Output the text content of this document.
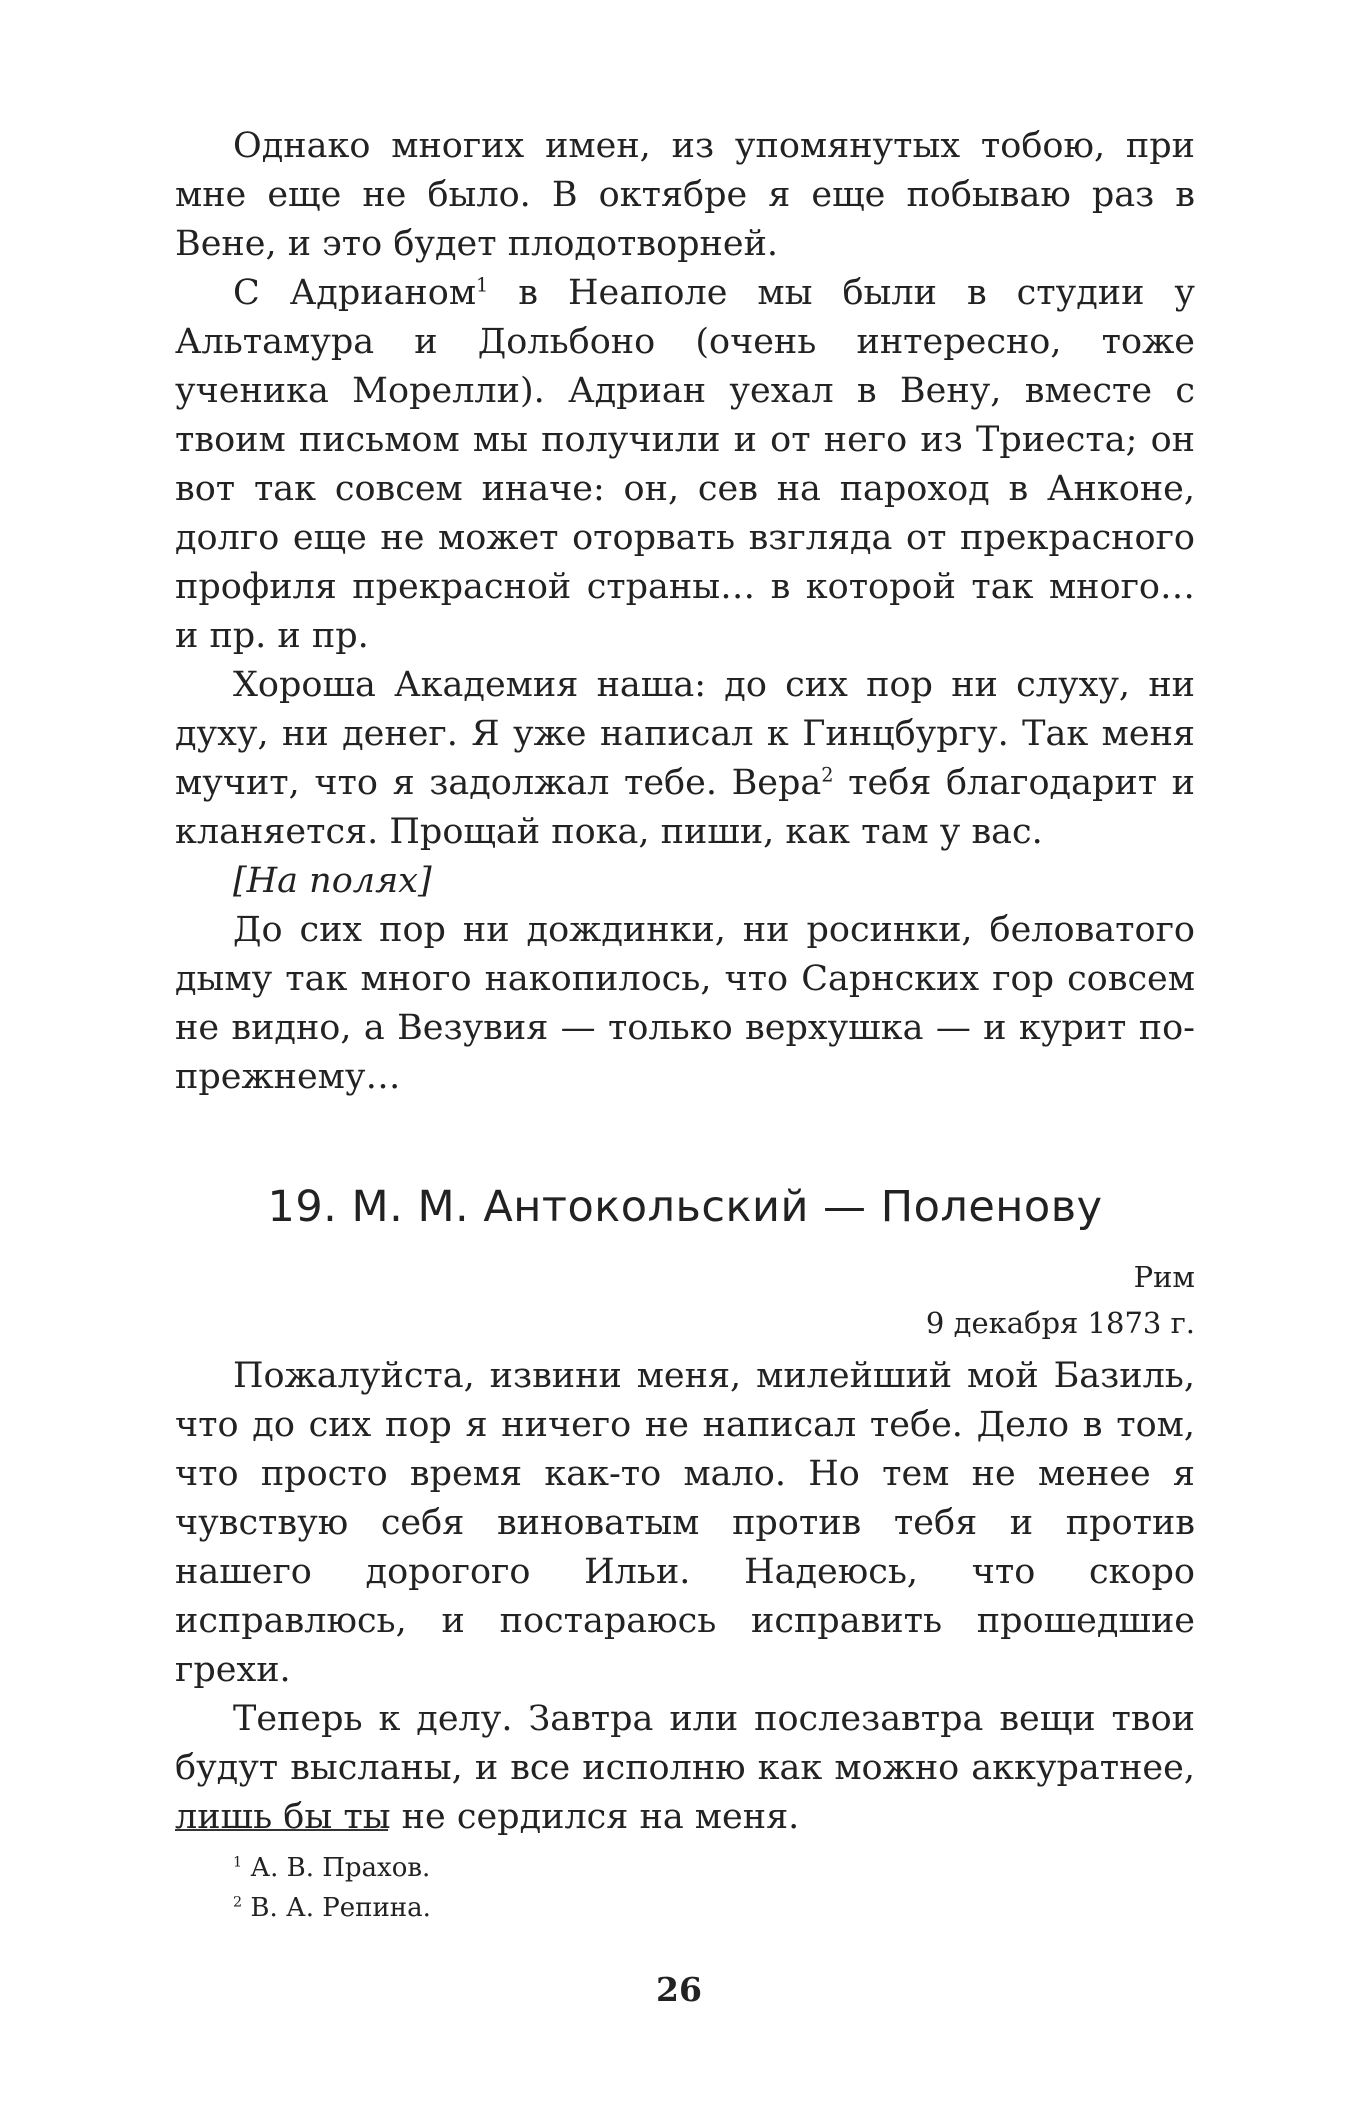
Однако многих имен, из упомянутых тобою, при мне еще не было. В октябре я еще побываю раз в Вене, и это будет плодотворней.

С Адрианом$^1$ в Неаполе мы были в студии у Альтамура и Дольбоно (очень интересно, тоже ученика Морелли). Адриан уехал в Вену, вместе с твоим письмом мы получили и от него из Триеста; он вот так совсем иначе: он, сев на пароход в Анконе, долго еще не может оторвать взгляда от прекрасного профиля прекрасной страны… в которой так много… и пр. и пр.

Хороша Академия наша: до сих пор ни слуху, ни духу, ни денег. Я уже написал к Гинцбургу. Так меня мучит, что я задолжал тебе. Вера$^2$ тебя благодарит и кланяется. Прощай пока, пиши, как там у вас.

[На полях]

До сих пор ни дождинки, ни росинки, беловатого дыму так много накопилось, что Сарнских гор совсем не видно, а Везувия — только верхушка — и курит по-прежнему…

19. М. М. Антокольский — Поленову
Рим
9 декабря 1873 г.

Пожалуйста, извини меня, милейший мой Базиль, что до сих пор я ничего не написал тебе. Дело в том, что просто время как-то мало. Но тем не менее я чувствую себя виноватым против тебя и против нашего дорогого Ильи. Надеюсь, что скоро исправлюсь, и постараюсь исправить прошедшие грехи.

Теперь к делу. Завтра или послезавтра вещи твои будут высланы, и все исполню как можно аккуратнее, лишь бы ты не сердился на меня.

$^1$ А. В. Прахов.
$^2$ В. А. Репина.
26
